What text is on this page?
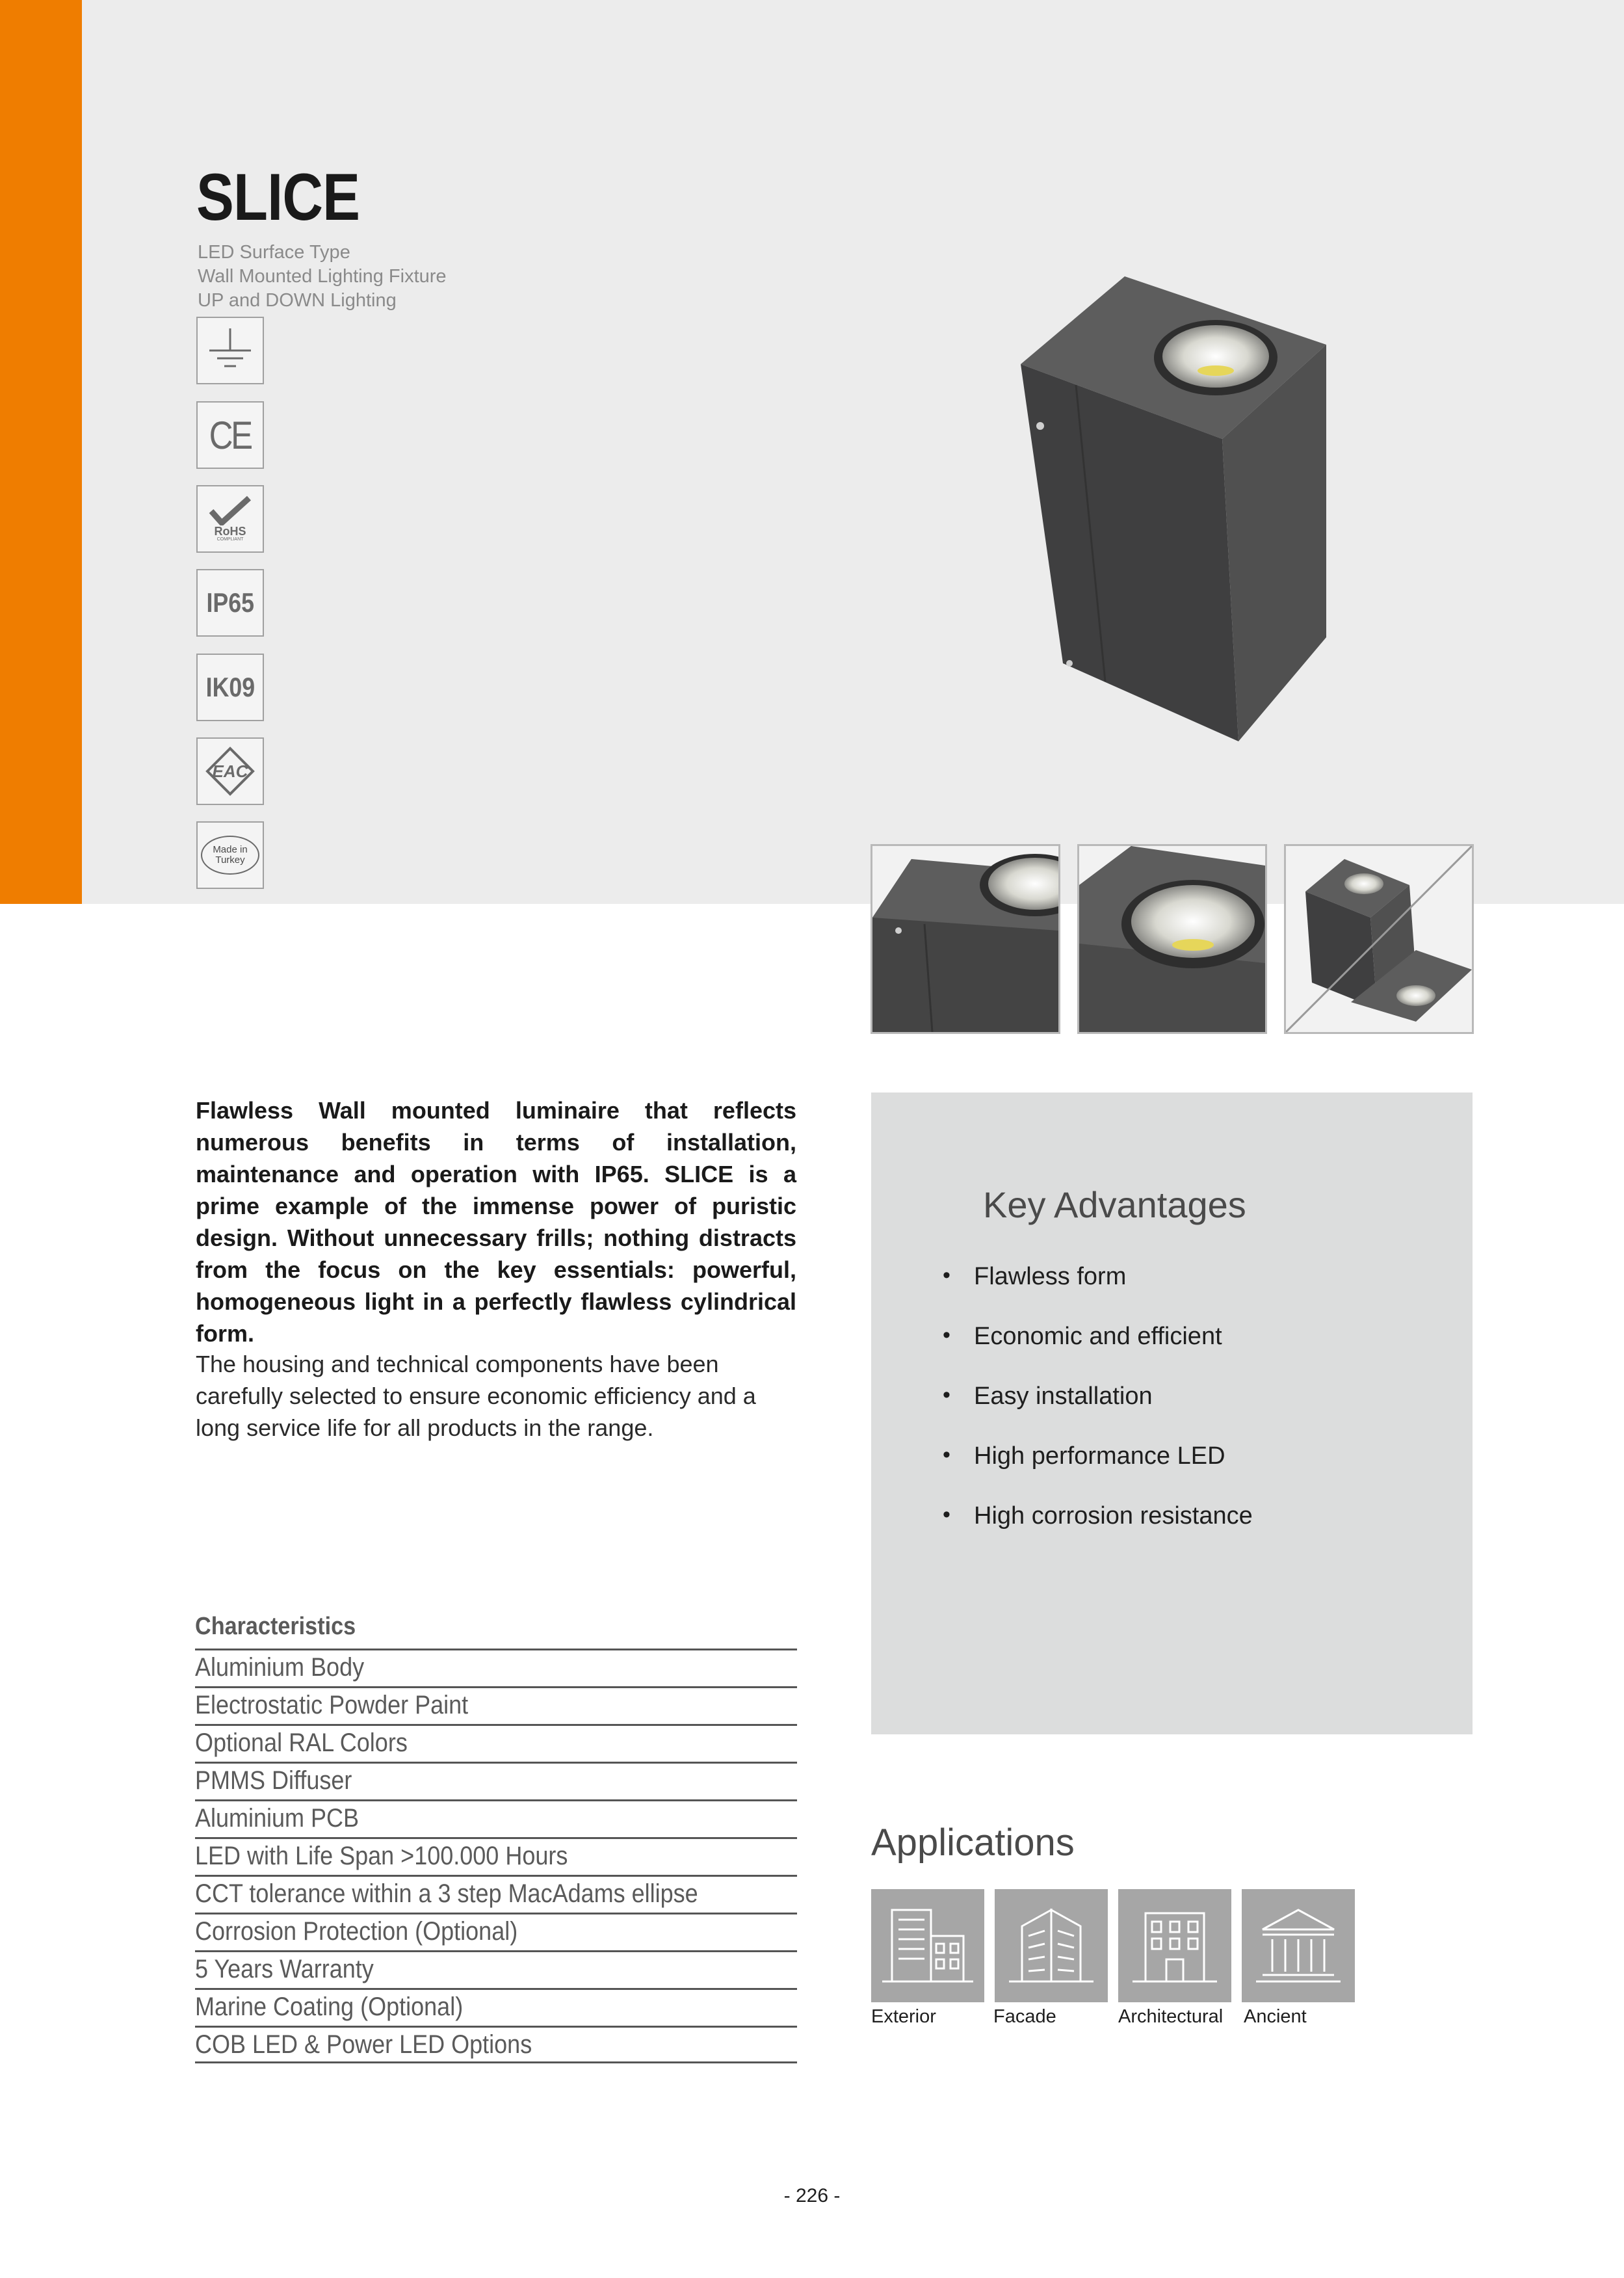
SLICE
LED Surface Type
Wall Mounted Lighting Fixture
UP and DOWN Lighting
CE
RoHS
COMPLIANT
IP65
IK09
EAC
Made in
Turkey

Flawless Wall mounted luminaire that reflects numerous benefits in terms of installation, maintenance and operation with IP65. SLICE is a prime example of the immense power of puristic design. Without unnecessary frills; nothing distracts from the focus on the key essentials: powerful, homogeneous light in a perfectly flawless cylindrical form.

The housing and technical components have been carefully selected to ensure economic efficiency and a long service life for all products in the range.

Key Advantages
• Flawless form
• Economic and efficient
• Easy installation
• High performance LED
• High corrosion resistance
Characteristics
Aluminium Body
Electrostatic Powder Paint
Optional RAL Colors
PMMS Diffuser
Aluminium PCB
LED with Life Span >100.000 Hours
CCT tolerance within a 3 step MacAdams ellipse
Corrosion Protection (Optional)
5 Years Warranty
Marine Coating (Optional)
COB LED & Power LED Options
Applications
Exterior	Facade	Architectural Ancient
- 226 -
